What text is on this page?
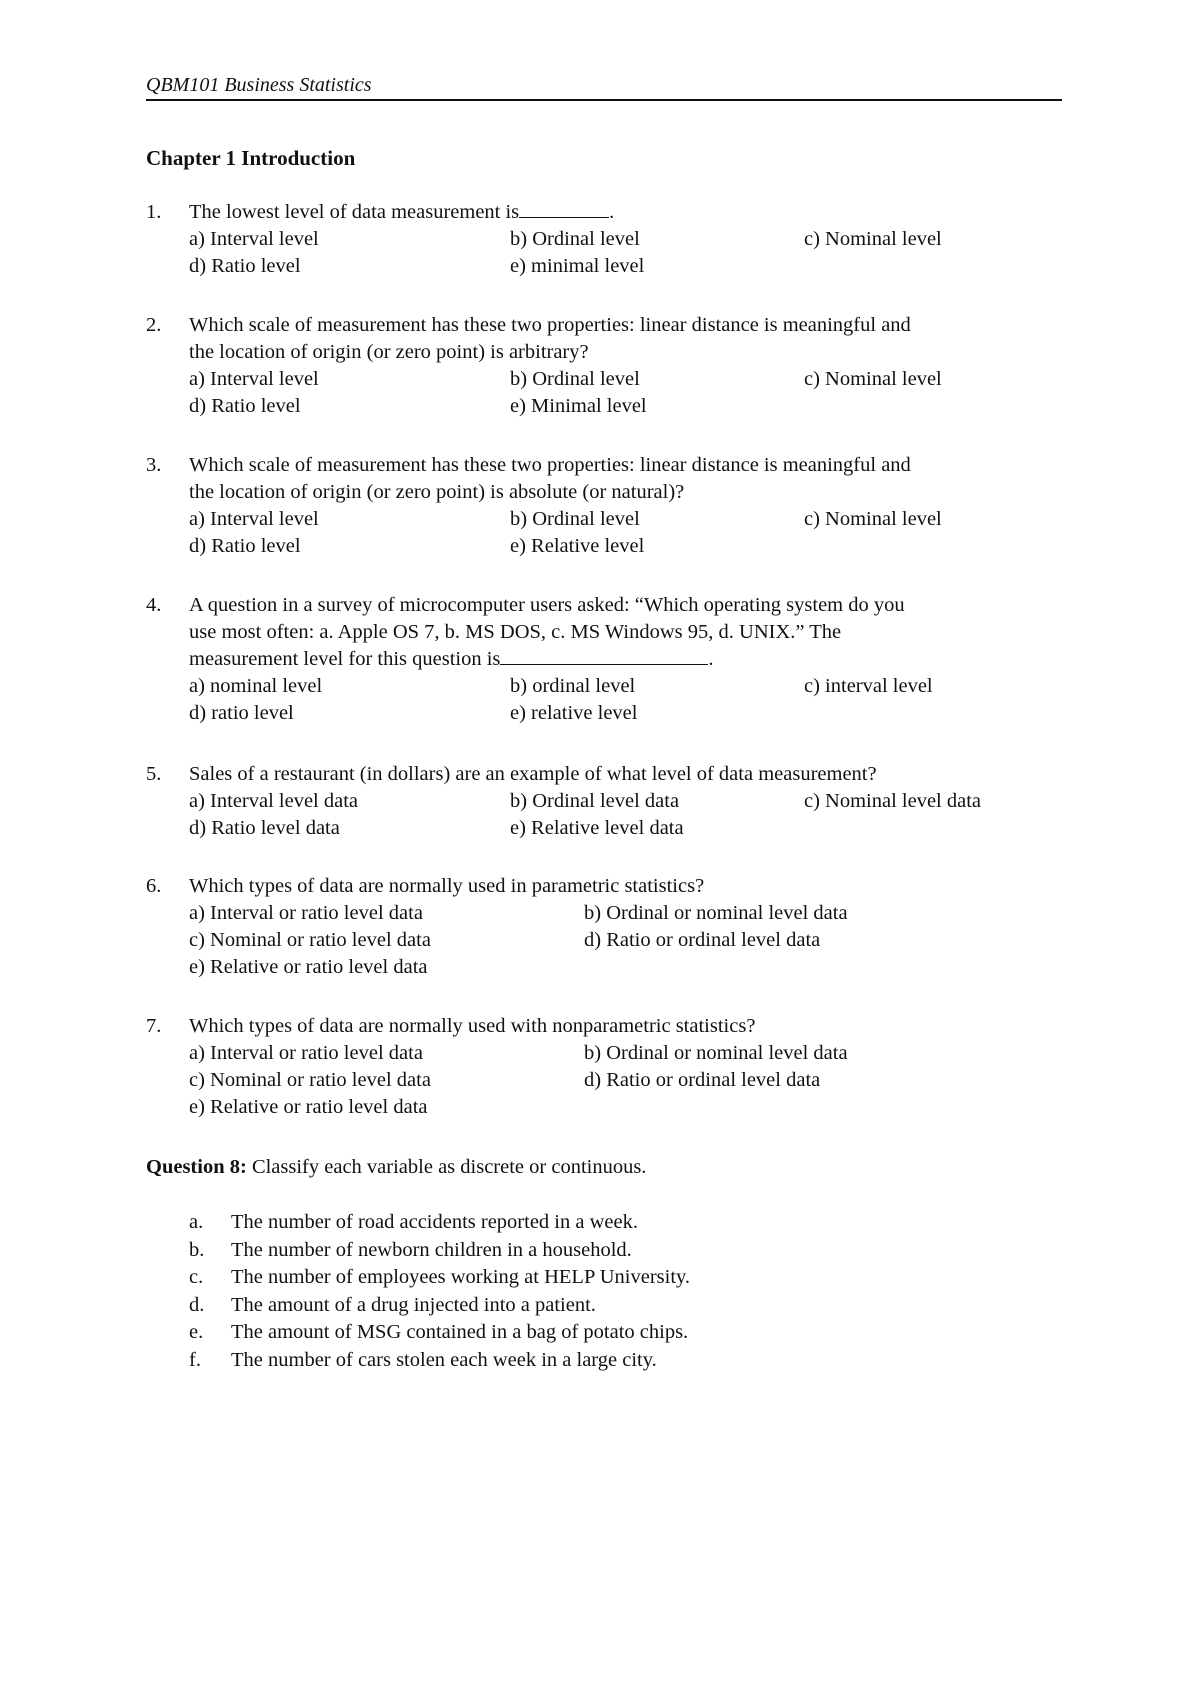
QBM101 Business Statistics
Chapter 1 Introduction
1. The lowest level of data measurement is	.
a) Interval level	b) Ordinal level	c) Nominal level
d) Ratio level	e) minimal level
2. Which scale of measurement has these two properties: linear distance is meaningful and
the location of origin (or zero point) is arbitrary?
a) Interval level	b) Ordinal level	c) Nominal level
d) Ratio level	e) Minimal level
3. Which scale of measurement has these two properties: linear distance is meaningful and
the location of origin (or zero point) is absolute (or natural)?
a) Interval level	b) Ordinal level	c) Nominal level
d) Ratio level	e) Relative level
4. A question in a survey of microcomputer users asked: “Which operating system do you
use most often: a. Apple OS 7, b. MS DOS, c. MS Windows 95, d. UNIX.” The
measurement level for this question is	.
a) nominal level	b) ordinal level	c) interval level
d) ratio level	e) relative level
5. Sales of a restaurant (in dollars) are an example of what level of data measurement?
a) Interval level data	b) Ordinal level data	c) Nominal level data
d) Ratio level data	e) Relative level data
6. Which types of data are normally used in parametric statistics?
a) Interval or ratio level data	b) Ordinal or nominal level data
c) Nominal or ratio level data	d) Ratio or ordinal level data
e) Relative or ratio level data
7. Which types of data are normally used with nonparametric statistics?
a) Interval or ratio level data	b) Ordinal or nominal level data
c) Nominal or ratio level data	d) Ratio or ordinal level data
e) Relative or ratio level data
Question 8: Classify each variable as discrete or continuous.
a. The number of road accidents reported in a week.
b. The number of newborn children in a household.
c. The number of employees working at HELP University.
d. The amount of a drug injected into a patient.
e. The amount of MSG contained in a bag of potato chips.
f. The number of cars stolen each week in a large city.
